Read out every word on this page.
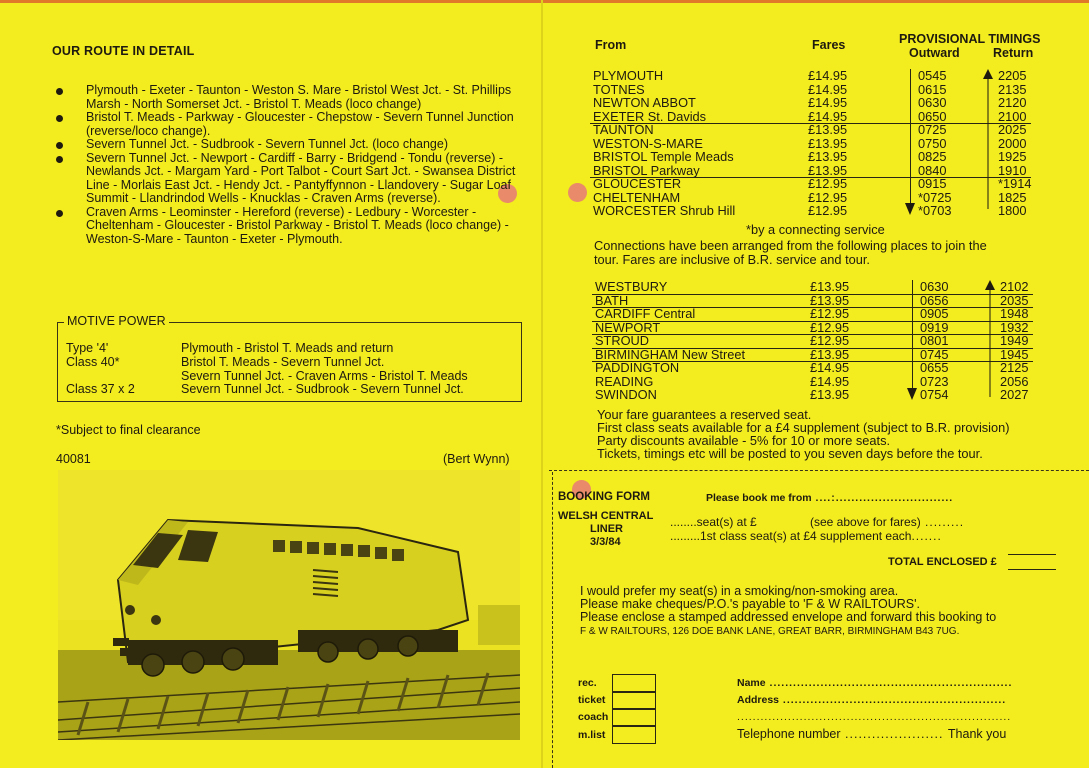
OUR ROUTE IN DETAIL
Plymouth - Exeter - Taunton - Weston S. Mare - Bristol West Jct. - St. Phillips Marsh - North Somerset Jct. - Bristol T. Meads (loco change)
Bristol T. Meads - Parkway - Gloucester - Chepstow - Severn Tunnel Junction (reverse/loco change).
Severn Tunnel Jct. - Sudbrook - Severn Tunnel Jct. (loco change)
Severn Tunnel Jct. - Newport - Cardiff - Barry - Bridgend - Tondu (reverse) - Newlands Jct. - Margam Yard - Port Talbot - Court Sart Jct. - Swansea District Line - Morlais East Jct. - Hendy Jct. - Pantyffynnon - Llandovery - Sugar Loaf Summit - Llandrindod Wells - Knucklas - Craven Arms (reverse).
Craven Arms - Leominster - Hereford (reverse) - Ledbury - Worcester - Cheltenham - Gloucester - Bristol Parkway - Bristol T. Meads (loco change) - Weston-S-Mare - Taunton - Exeter - Plymouth.
Type '4'	Plymouth - Bristol T. Meads and return
Class 40*	Bristol T. Meads - Severn Tunnel Jct.
Severn Tunnel Jct. - Craven Arms - Bristol T. Meads
Class 37 x 2	Severn Tunnel Jct. - Sudbrook - Severn Tunnel Jct.
MOTIVE POWER
*Subject to final clearance
40081	(Bert Wynn)
From	Fares	PROVISIONAL TIMINGS
Outward	Return
PLYMOUTH	£14.95	0545	2205
TOTNES	£14.95	0615	2135
NEWTON ABBOT	£14.95	0630	2120
EXETER St. Davids	£14.95	0650	2100
TAUNTON	£13.95	0725	2025
WESTON-S-MARE	£13.95	0750	2000
BRISTOL Temple Meads	£13.95	0825	1925
BRISTOL Parkway	£13.95	0840	1910
GLOUCESTER	£12.95	0915	*1914
CHELTENHAM	£12.95	*0725	1825
WORCESTER Shrub Hill	£12.95	*0703	1800
*by a connecting service
Connections have been arranged from the following places to join the
tour. Fares are inclusive of B.R. service and tour.
WESTBURY	£13.95	0630	2102
BATH	£13.95	0656	2035
CARDIFF Central	£12.95	0905	1948
NEWPORT	£12.95	0919	1932
STROUD	£12.95	0801	1949
BIRMINGHAM New Street	£13.95	0745	1945
PADDINGTON	£14.95	0655	2125
READING	£14.95	0723	2056
SWINDON	£13.95	0754	2027
Your fare guarantees a reserved seat.
First class seats available for a £4 supplement (subject to B.R. provision)
Party discounts available - 5% for 10 or more seats.
Tickets, timings etc will be posted to you seven days before the tour.
BOOKING FORM
WELSH CENTRAL
LINER
3/3/84
Please book me from ....:..............................
........seat(s) at £	(see above for fares) .........
.........1st class seat(s) at £4 supplement each.......
TOTAL ENCLOSED £
I would prefer my seat(s) in a smoking/non-smoking area.
Please make cheques/P.O.'s payable to 'F & W RAILTOURS'.
Please enclose a stamped addressed envelope and forward this booking to
F & W RAILTOURS, 126 DOE BANK LANE, GREAT BARR, BIRMINGHAM B43 7UG.
rec.
ticket
coach
m.list
Name ..............................................................
Address .........................................................
......................................................................
Telephone number ...................... Thank you
